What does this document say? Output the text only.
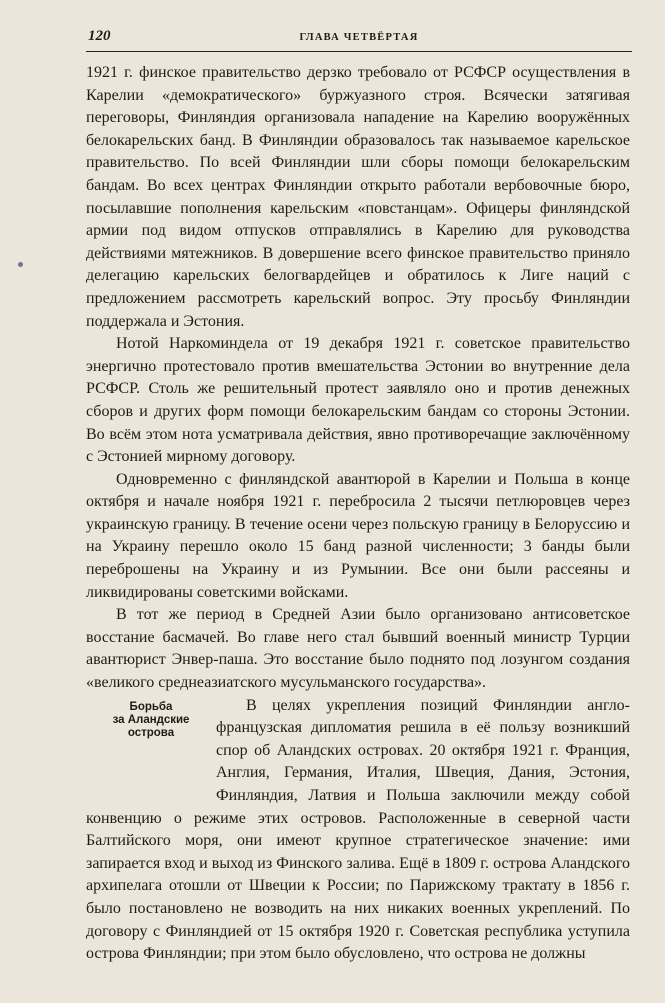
120	ГЛАВА ЧЕТВЁРТАЯ

1921 г. финское правительство дерзко требовало от РСФСР осуществления в Карелии «демократического» буржуазного строя. Всячески затягивая переговоры, Финляндия организовала нападение на Карелию вооружённых белокарельских банд. В Финляндии образовалось так называемое карельское правительство. По всей Финляндии шли сборы помощи белокарельским бандам. Во всех центрах Финляндии открыто работали вербовочные бюро, посылавшие пополнения карельским «повстанцам». Офицеры финляндской армии под видом отпусков отправлялись в Карелию для руководства действиями мятежников. В довершение всего финское правительство приняло делегацию карельских белогвардейцев и обратилось к Лиге наций с предложением рассмотреть карельский вопрос. Эту просьбу Финляндии поддержала и Эстония.

Нотой Наркоминдела от 19 декабря 1921 г. советское правительство энергично протестовало против вмешательства Эстонии во внутренние дела РСФСР. Столь же решительный протест заявляло оно и против денежных сборов и других форм помощи белокарельским бандам со стороны Эстонии. Во всём этом нота усматривала действия, явно противоречащие заключённому с Эстонией мирному договору.

Одновременно с финляндской авантюрой в Карелии и Польша в конце октября и начале ноября 1921 г. перебросила 2 тысячи петлюровцев через украинскую границу. В течение осени через польскую границу в Белоруссию и на Украину перешло около 15 банд разной численности; 3 банды были переброшены на Украину и из Румынии. Все они были рассеяны и ликвидированы советскими войсками.

В тот же период в Средней Азии было организовано антисоветское восстание басмачей. Во главе него стал бывший военный министр Турции авантюрист Энвер-паша. Это восстание было поднято под лозунгом создания «великого среднеазиатского мусульманского государства».

Борьба
за Аландские
острова

В целях укрепления позиций Финляндии англо-французская дипломатия решила в её пользу возникший спор об Аландских островах. 20 октября 1921 г. Франция, Англия, Германия, Италия, Швеция, Дания, Эстония, Финляндия, Латвия и Польша заключили между собой конвенцию о режиме этих островов. Расположенные в северной части Балтийского моря, они имеют крупное стратегическое значение: ими запирается вход и выход из Финского залива. Ещё в 1809 г. острова Аландского архипелага отошли от Швеции к России; по Парижскому трактату в 1856 г. было постановлено не возводить на них никаких военных укреплений. По договору с Финляндией от 15 октября 1920 г. Советская республика уступила острова Финляндии; при этом было обусловлено, что острова не должны
